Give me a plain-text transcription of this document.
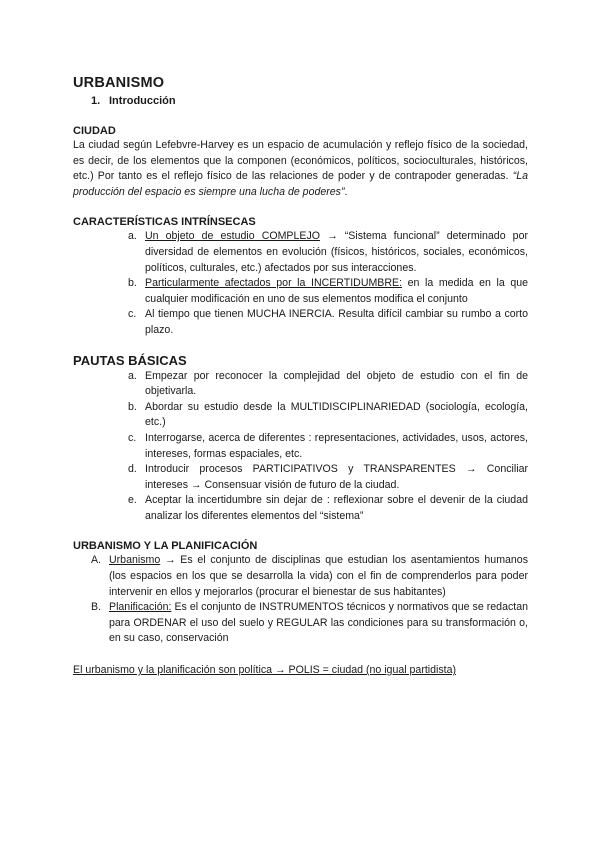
URBANISMO
1. Introducción
CIUDAD

La ciudad según Lefebvre-Harvey es un espacio de acumulación y reflejo físico de la sociedad, es decir, de los elementos que la componen (económicos, políticos, socioculturales, históricos, etc.) Por tanto es el reflejo físico de las relaciones de poder y de contrapoder generadas. “La producción del espacio es siempre una lucha de poderes”.

CARACTERÍSTICAS INTRÍNSECAS
a. Un objeto de estudio COMPLEJO → “Sistema funcional” determinado por diversidad de elementos en evolución (físicos, históricos, sociales, económicos, políticos, culturales, etc.) afectados por sus interacciones.
b. Particularmente afectados por la INCERTIDUMBRE: en la medida en la que cualquier modificación en uno de sus elementos modifica el conjunto
c. Al tiempo que tienen MUCHA INERCIA. Resulta difícil cambiar su rumbo a corto plazo.
PAUTAS BÁSICAS
a. Empezar por reconocer la complejidad del objeto de estudio con el fin de objetivarla.
b. Abordar su estudio desde la MULTIDISCIPLINARIEDAD (sociología, ecología, etc.)
c. Interrogarse, acerca de diferentes : representaciones, actividades, usos, actores, intereses, formas espaciales, etc.
d. Introducir procesos PARTICIPATIVOS y TRANSPARENTES → Conciliar intereses → Consensuar visión de futuro de la ciudad.
e. Aceptar la incertidumbre sin dejar de : reflexionar sobre el devenir de la ciudad analizar los diferentes elementos del “sistema”
URBANISMO Y LA PLANIFICACIÓN
A. Urbanismo → Es el conjunto de disciplinas que estudian los asentamientos humanos (los espacios en los que se desarrolla la vida) con el fin de comprenderlos para poder intervenir en ellos y mejorarlos (procurar el bienestar de sus habitantes)
B. Planificación: Es el conjunto de INSTRUMENTOS técnicos y normativos que se redactan para ORDENAR el uso del suelo y REGULAR las condiciones para su transformación o, en su caso, conservación

El urbanismo y la planificación son política → POLIS = ciudad (no igual partidista)
